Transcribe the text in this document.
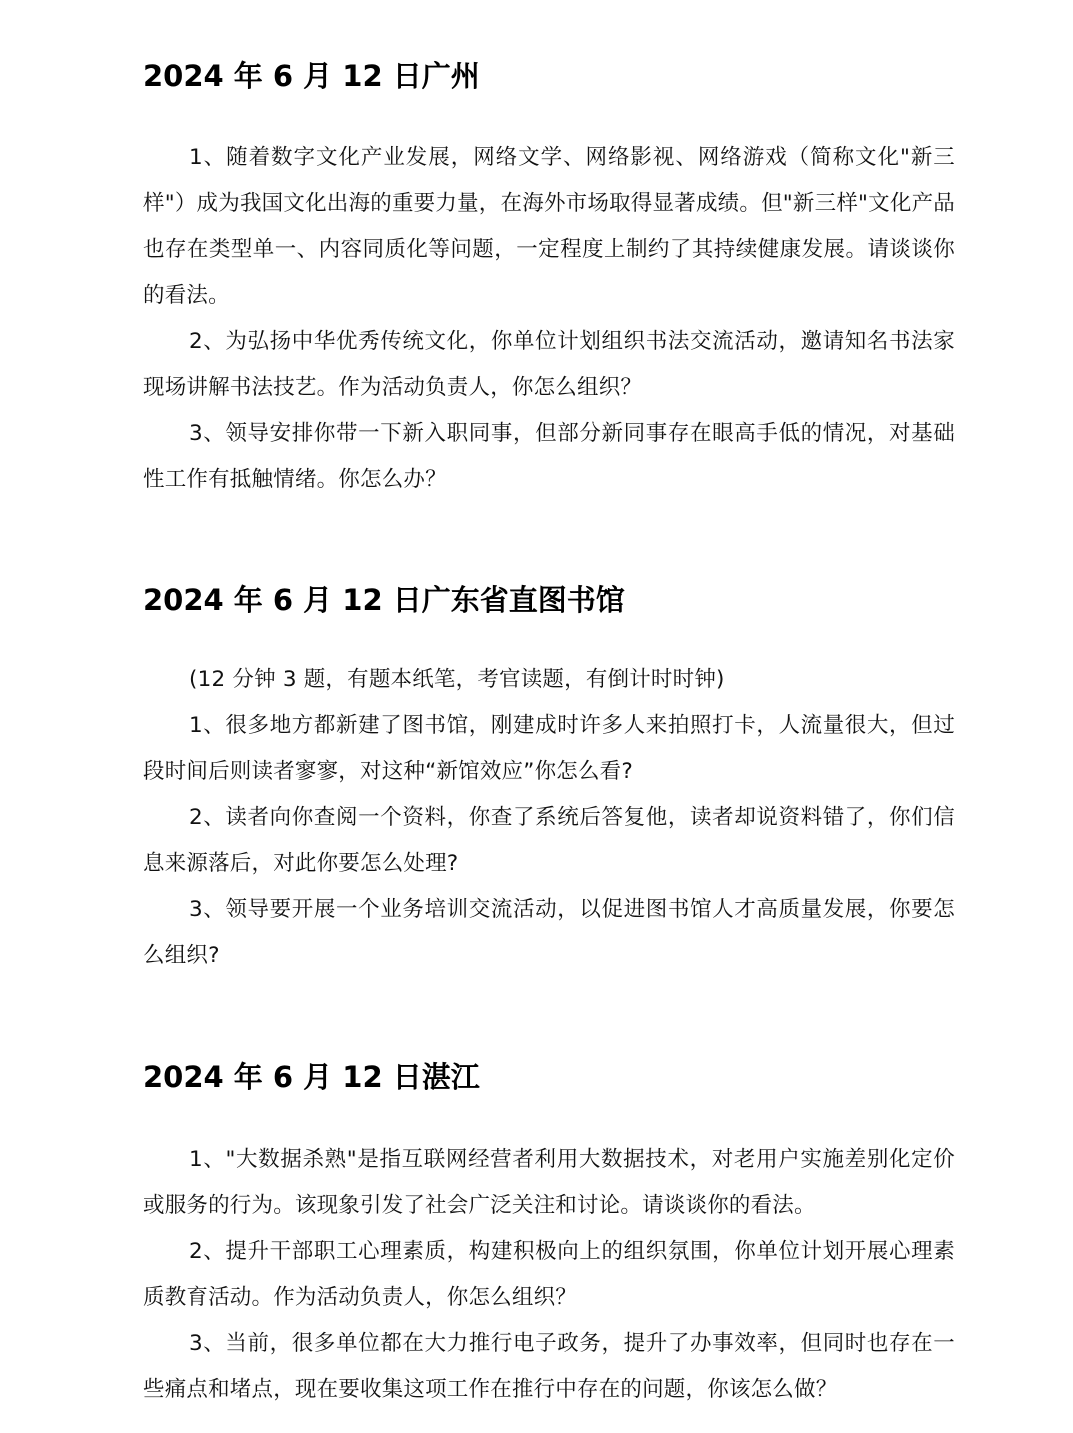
2024 年 6 月 12 日广州

1、随着数字文化产业发展，网络文学、网络影视、网络游戏（简称文化"新三样"）成为我国文化出海的重要力量，在海外市场取得显著成绩。但"新三样"文化产品也存在类型单一、内容同质化等问题，一定程度上制约了其持续健康发展。请谈谈你的看法。

2、为弘扬中华优秀传统文化，你单位计划组织书法交流活动，邀请知名书法家现场讲解书法技艺。作为活动负责人，你怎么组织？

3、领导安排你带一下新入职同事，但部分新同事存在眼高手低的情况，对基础性工作有抵触情绪。你怎么办？

2024 年 6 月 12 日广东省直图书馆

(12 分钟 3 题，有题本纸笔，考官读题，有倒计时时钟)

1、很多地方都新建了图书馆，刚建成时许多人来拍照打卡，人流量很大，但过段时间后则读者寥寥，对这种“新馆效应”你怎么看?

2、读者向你查阅一个资料，你查了系统后答复他，读者却说资料错了，你们信息来源落后，对此你要怎么处理?

3、领导要开展一个业务培训交流活动，以促进图书馆人才高质量发展，你要怎么组织?

2024 年 6 月 12 日湛江

1、"大数据杀熟"是指互联网经营者利用大数据技术，对老用户实施差别化定价或服务的行为。该现象引发了社会广泛关注和讨论。请谈谈你的看法。

2、提升干部职工心理素质，构建积极向上的组织氛围，你单位计划开展心理素质教育活动。作为活动负责人，你怎么组织？

3、当前，很多单位都在大力推行电子政务，提升了办事效率，但同时也存在一些痛点和堵点，现在要收集这项工作在推行中存在的问题，你该怎么做？
